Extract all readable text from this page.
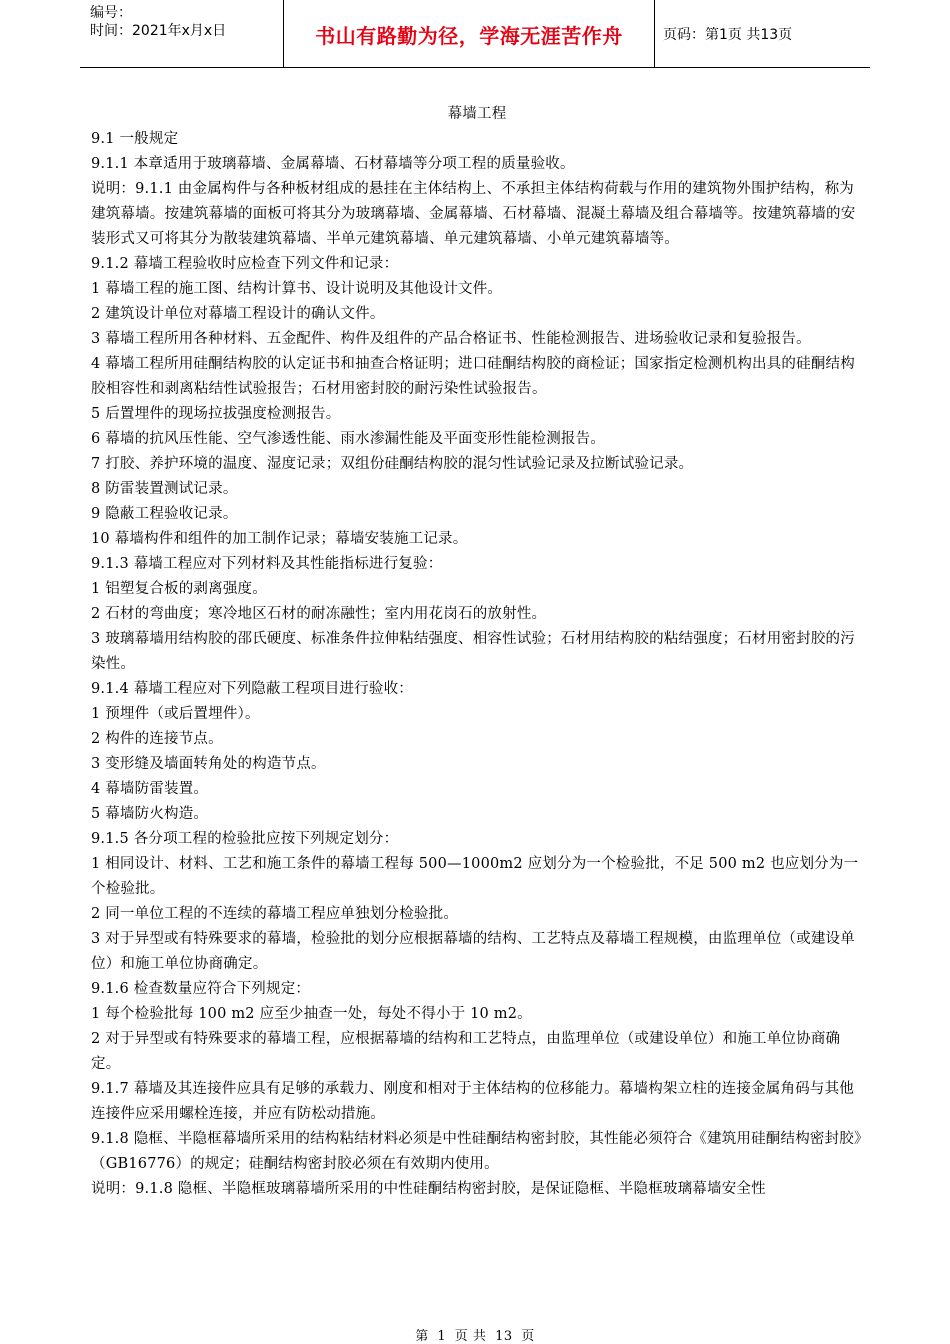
编号：
时间：2021年x月x日	书山有路勤为径，学海无涯苦作舟	页码：第1页 共13页
幕墙工程

9.1 一般规定

9.1.1 本章适用于玻璃幕墙、金属幕墙、石材幕墙等分项工程的质量验收。

说明：9.1.1 由金属构件与各种板材组成的悬挂在主体结构上、不承担主体结构荷载与作用的建筑物外围护结构，称为建筑幕墙。按建筑幕墙的面板可将其分为玻璃幕墙、金属幕墙、石材幕墙、混凝土幕墙及组合幕墙等。按建筑幕墙的安装形式又可将其分为散装建筑幕墙、半单元建筑幕墙、单元建筑幕墙、小单元建筑幕墙等。

9.1.2 幕墙工程验收时应检查下列文件和记录：

1 幕墙工程的施工图、结构计算书、设计说明及其他设计文件。

2 建筑设计单位对幕墙工程设计的确认文件。

3 幕墙工程所用各种材料、五金配件、构件及组件的产品合格证书、性能检测报告、进场验收记录和复验报告。

4 幕墙工程所用硅酮结构胶的认定证书和抽查合格证明；进口硅酮结构胶的商检证；国家指定检测机构出具的硅酮结构胶相容性和剥离粘结性试验报告；石材用密封胶的耐污染性试验报告。

5 后置埋件的现场拉拔强度检测报告。

6 幕墙的抗风压性能、空气渗透性能、雨水渗漏性能及平面变形性能检测报告。

7 打胶、养护环境的温度、湿度记录；双组份硅酮结构胶的混匀性试验记录及拉断试验记录。

8 防雷装置测试记录。

9 隐蔽工程验收记录。

10 幕墙构件和组件的加工制作记录；幕墙安装施工记录。

9.1.3 幕墙工程应对下列材料及其性能指标进行复验：

1 铝塑复合板的剥离强度。

2 石材的弯曲度；寒冷地区石材的耐冻融性；室内用花岗石的放射性。

3 玻璃幕墙用结构胶的邵氏硬度、标准条件拉伸粘结强度、相容性试验；石材用结构胶的粘结强度；石材用密封胶的污染性。

9.1.4 幕墙工程应对下列隐蔽工程项目进行验收：

1 预埋件（或后置埋件）。

2 构件的连接节点。

3 变形缝及墙面转角处的构造节点。

4 幕墙防雷装置。

5 幕墙防火构造。

9.1.5 各分项工程的检验批应按下列规定划分：

1 相同设计、材料、工艺和施工条件的幕墙工程每 500—1000m2 应划分为一个检验批，不足 500 m2 也应划分为一个检验批。

2 同一单位工程的不连续的幕墙工程应单独划分检验批。

3 对于异型或有特殊要求的幕墙，检验批的划分应根据幕墙的结构、工艺特点及幕墙工程规模，由监理单位（或建设单位）和施工单位协商确定。

9.1.6 检查数量应符合下列规定：

1 每个检验批每 100 m2 应至少抽查一处，每处不得小于 10 m2。

2 对于异型或有特殊要求的幕墙工程，应根据幕墙的结构和工艺特点，由监理单位（或建设单位）和施工单位协商确定。

9.1.7 幕墙及其连接件应具有足够的承载力、刚度和相对于主体结构的位移能力。幕墙构架立柱的连接金属角码与其他连接件应采用螺栓连接，并应有防松动措施。

9.1.8 隐框、半隐框幕墙所采用的结构粘结材料必须是中性硅酮结构密封胶，其性能必须符合《建筑用硅酮结构密封胶》（GB16776）的规定；硅酮结构密封胶必须在有效期内使用。

说明：9.1.8 隐框、半隐框玻璃幕墙所采用的中性硅酮结构密封胶，是保证隐框、半隐框玻璃幕墙安全性

第 1 页 共 13 页
